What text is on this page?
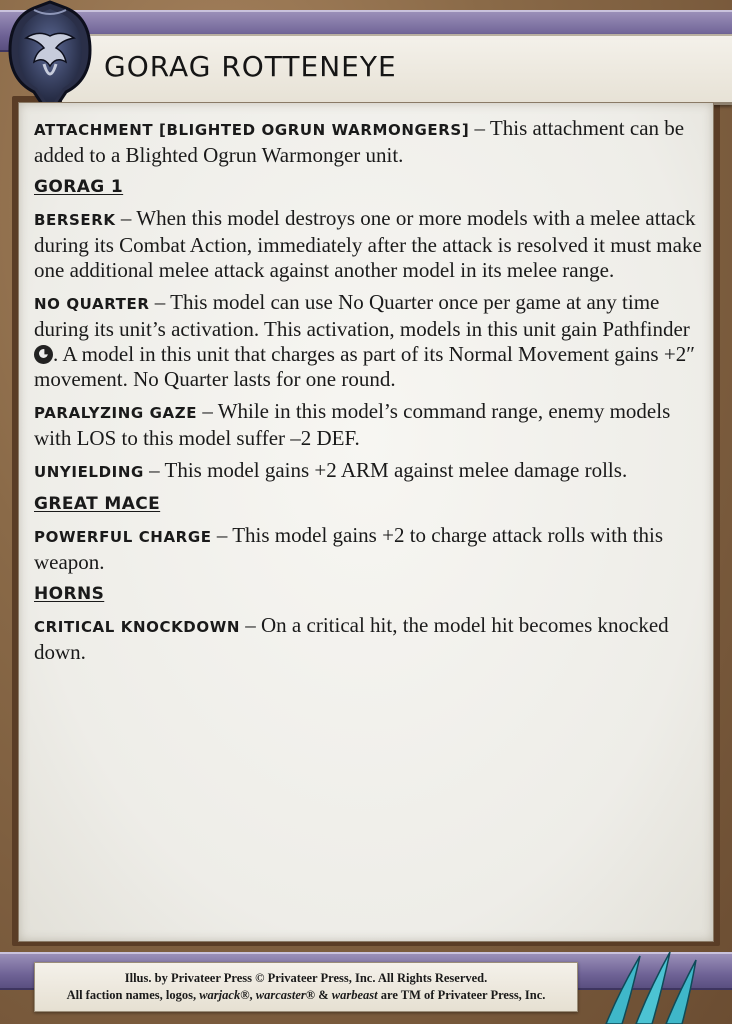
GORAG ROTTENEYE

ATTACHMENT [BLIGHTED OGRUN WARMONGERS] – This attachment can be added to a Blighted Ogrun Warmonger unit.

GORAG 1

BERSERK – When this model destroys one or more models with a melee attack during its Combat Action, immediately after the attack is resolved it must make one additional melee attack against another model in its melee range.

NO QUARTER – This model can use No Quarter once per game at any time during its unit’s activation. This activation, models in this unit gain Pathfinder . A model in this unit that charges as part of its Normal Movement gains +2″ movement. No Quarter lasts for one round.

PARALYZING GAZE – While in this model’s command range, enemy models with LOS to this model suffer –2 DEF.

UNYIELDING – This model gains +2 ARM against melee damage rolls.

GREAT MACE

POWERFUL CHARGE – This model gains +2 to charge attack rolls with this weapon.

HORNS

CRITICAL KNOCKDOWN – On a critical hit, the model hit becomes knocked down.

Illus. by Privateer Press © Privateer Press, Inc. All Rights Reserved.
All faction names, logos, warjack®, warcaster® & warbeast are TM of Privateer Press, Inc.
